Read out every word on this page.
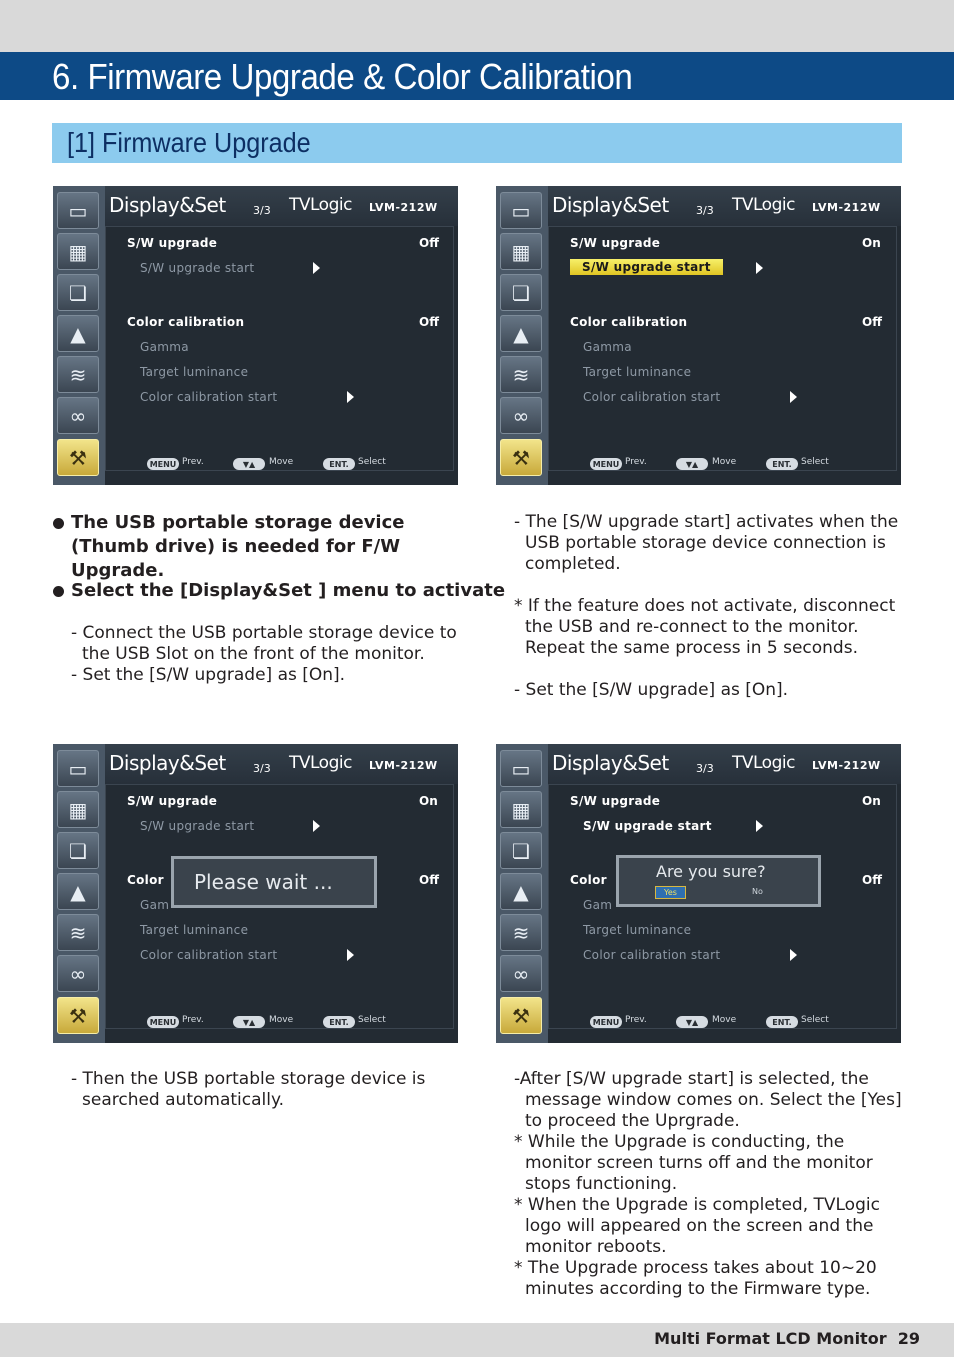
6. Firmware Upgrade & Color Calibration
[1] Firmware Upgrade
▭
▦
❏
▲
≋
∞
⚒
Display&Set 3/3 TVLogic LVM-212W
S/W upgrade	Off
S/W upgrade start
Color calibration	Off
Gamma
Target luminance
Color calibration start
MENU Prev.	▼▲	Move	ENT.	Select
▭
▦
❏
▲
≋
∞
⚒
Display&Set 3/3 TVLogic LVM-212W
S/W upgrade	On
S/W upgrade start
Color calibration	Off
Gamma
Target luminance
Color calibration start
MENU Prev.	▼▲	Move	ENT.	Select
▭
▦
❏
▲
≋
∞
⚒
Display&Set 3/3 TVLogic LVM-212W
S/W upgrade	On
S/W upgrade start
Color	Off
Gam
Target luminance
Color calibration start
MENU Prev.	▼▲	Move	ENT.	Select
Please wait ...
▭
▦
❏
▲
≋
∞
⚒
Display&Set 3/3 TVLogic LVM-212W
S/W upgrade	On
S/W upgrade start
Color	Off
Gam
Target luminance
Color calibration start
MENU Prev.	▼▲	Move	ENT.	Select
Are you sure?
Yes	No
The USB portable storage device (Thumb drive) is needed for F/W Upgrade.
Select the [Display&Set ] menu to activate
- Connect the USB portable storage device to
the USB Slot on the front of the monitor.
- Set the [S/W upgrade] as [On].
- The [S/W upgrade start] activates when the
USB portable storage device connection is
completed.
* If the feature does not activate, disconnect
the USB and re-connect to the monitor.
Repeat the same process in 5 seconds.
- Set the [S/W upgrade] as [On].
- Then the USB portable storage device is
searched automatically.
-After [S/W upgrade start] is selected, the
message window comes on. Select the [Yes]
to proceed the Uprgrade.
* While the Upgrade is conducting, the
monitor screen turns off and the monitor
stops functioning.
* When the Upgrade is completed, TVLogic
logo will appeared on the screen and the
monitor reboots.
* The Upgrade process takes about 10~20
minutes according to the Firmware type.
Multi Format LCD Monitor 29
